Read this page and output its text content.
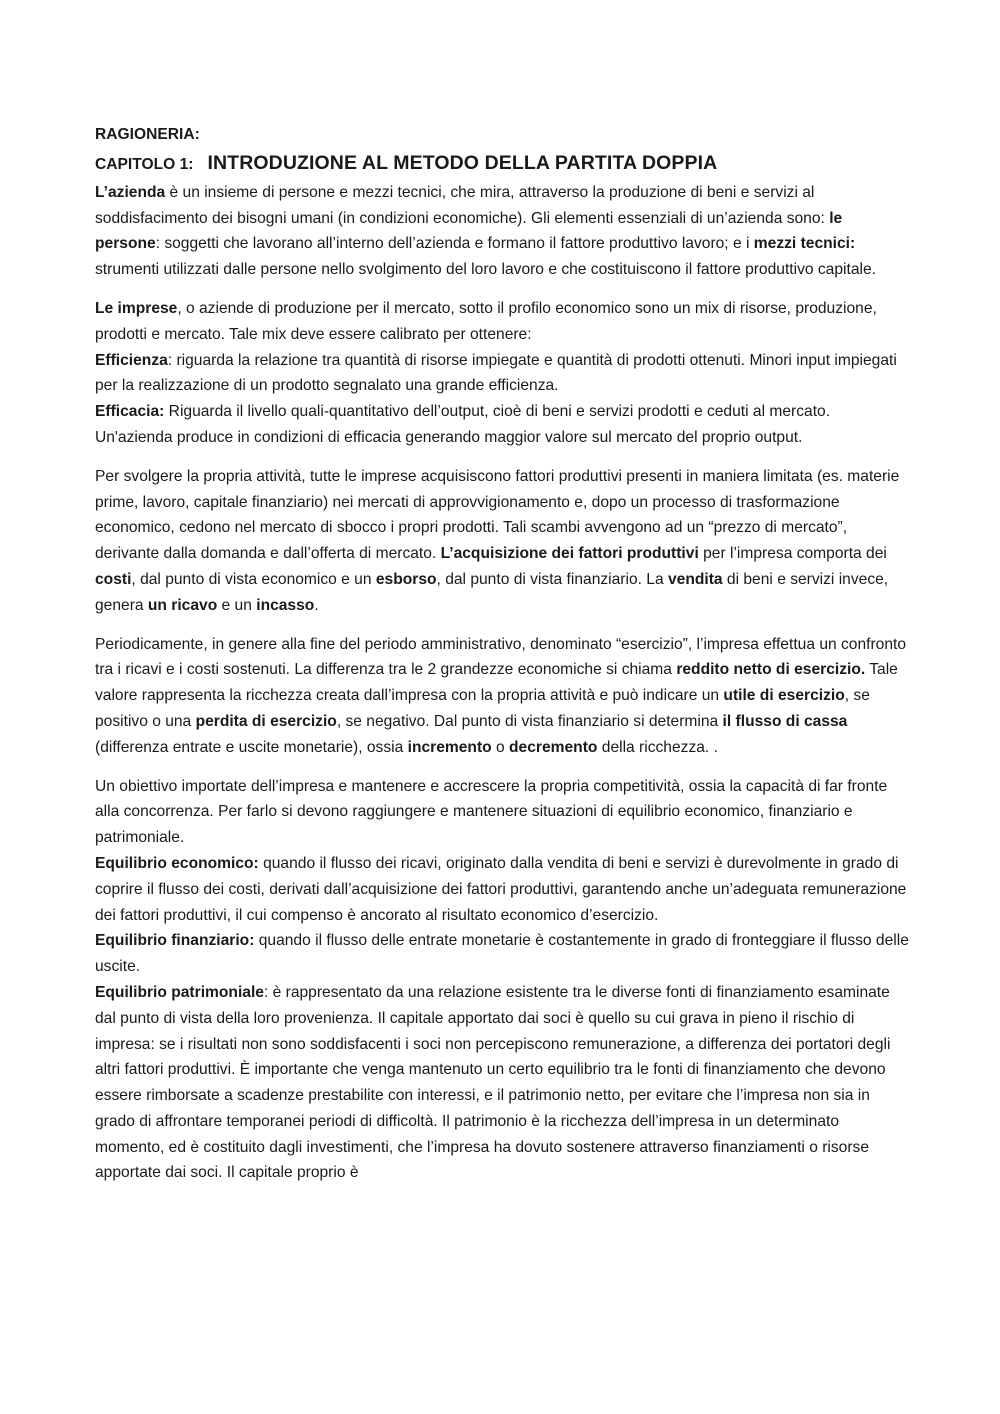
RAGIONERIA:

CAPITOLO 1: INTRODUZIONE AL METODO DELLA PARTITA DOPPIA

L’azienda è un insieme di persone e mezzi tecnici, che mira, attraverso la produzione di beni e servizi al soddisfacimento dei bisogni umani (in condizioni economiche). Gli elementi essenziali di un’azienda sono: le persone: soggetti che lavorano all’interno dell’azienda e formano il fattore produttivo lavoro; e i mezzi tecnici: strumenti utilizzati dalle persone nello svolgimento del loro lavoro e che costituiscono il fattore produttivo capitale.

Le imprese, o aziende di produzione per il mercato, sotto il profilo economico sono un mix di risorse, produzione, prodotti e mercato. Tale mix deve essere calibrato per ottenere:

Efficienza: riguarda la relazione tra quantità di risorse impiegate e quantità di prodotti ottenuti. Minori input impiegati per la realizzazione di un prodotto segnalato una grande efficienza.

Efficacia: Riguarda il livello quali-quantitativo dell’output, cioè di beni e servizi prodotti e ceduti al mercato. Un'azienda produce in condizioni di efficacia generando maggior valore sul mercato del proprio output.

Per svolgere la propria attività, tutte le imprese acquisiscono fattori produttivi presenti in maniera limitata (es. materie prime, lavoro, capitale finanziario) nei mercati di approvvigionamento e, dopo un processo di trasformazione economico, cedono nel mercato di sbocco i propri prodotti. Tali scambi avvengono ad un “prezzo di mercato”, derivante dalla domanda e dall’offerta di mercato. L’acquisizione dei fattori produttivi per l’impresa comporta dei costi, dal punto di vista economico e un esborso, dal punto di vista finanziario. La vendita di beni e servizi invece, genera un ricavo e un incasso.

Periodicamente, in genere alla fine del periodo amministrativo, denominato “esercizio”, l’impresa effettua un confronto tra i ricavi e i costi sostenuti. La differenza tra le 2 grandezze economiche si chiama reddito netto di esercizio. Tale valore rappresenta la ricchezza creata dall’impresa con la propria attività e può indicare un utile di esercizio, se positivo o una perdita di esercizio, se negativo. Dal punto di vista finanziario si determina il flusso di cassa (differenza entrate e uscite monetarie), ossia incremento o decremento della ricchezza. .

Un obiettivo importate dell’impresa e mantenere e accrescere la propria competitività, ossia la capacità di far fronte alla concorrenza. Per farlo si devono raggiungere e mantenere situazioni di equilibrio economico, finanziario e patrimoniale.

Equilibrio economico: quando il flusso dei ricavi, originato dalla vendita di beni e servizi è durevolmente in grado di coprire il flusso dei costi, derivati dall’acquisizione dei fattori produttivi, garantendo anche un’adeguata remunerazione dei fattori produttivi, il cui compenso è ancorato al risultato economico d’esercizio.

Equilibrio finanziario: quando il flusso delle entrate monetarie è costantemente in grado di fronteggiare il flusso delle uscite.

Equilibrio patrimoniale: è rappresentato da una relazione esistente tra le diverse fonti di finanziamento esaminate dal punto di vista della loro provenienza. Il capitale apportato dai soci è quello su cui grava in pieno il rischio di impresa: se i risultati non sono soddisfacenti i soci non percepiscono remunerazione, a differenza dei portatori degli altri fattori produttivi. È importante che venga mantenuto un certo equilibrio tra le fonti di finanziamento che devono essere rimborsate a scadenze prestabilite con interessi, e il patrimonio netto, per evitare che l’impresa non sia in grado di affrontare temporanei periodi di difficoltà. Il patrimonio è la ricchezza dell’impresa in un determinato momento, ed è costituito dagli investimenti, che l’impresa ha dovuto sostenere attraverso finanziamenti o risorse apportate dai soci. Il capitale proprio è
